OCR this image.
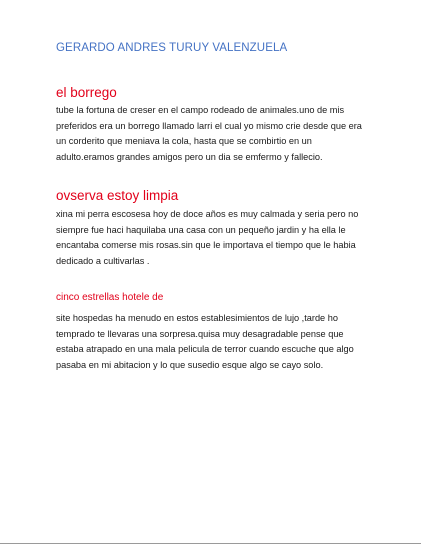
GERARDO ANDRES TURUY VALENZUELA
el borrego

tube la fortuna de creser en el campo rodeado de animales.uno de mis preferidos era un borrego llamado larri el cual yo mismo crie desde que era un corderito que meniava la cola, hasta que se combirtio en un adulto.eramos grandes amigos pero un dia se emfermo y fallecio.

ovserva estoy limpia

xina mi perra escosesa hoy de doce años es muy calmada y seria pero no siempre fue haci haquilaba una casa con un pequeño jardin y ha ella le encantaba comerse mis rosas.sin que le importava el tiempo que le habia dedicado a cultivarlas .

cinco estrellas hotele de

site hospedas ha menudo en estos establesimientos de lujo ,tarde ho temprado te llevaras una sorpresa.quisa muy desagradable pense que estaba atrapado en una mala pelicula de terror cuando escuche que algo pasaba en mi abitacion y lo que susedio esque algo se cayo solo.
